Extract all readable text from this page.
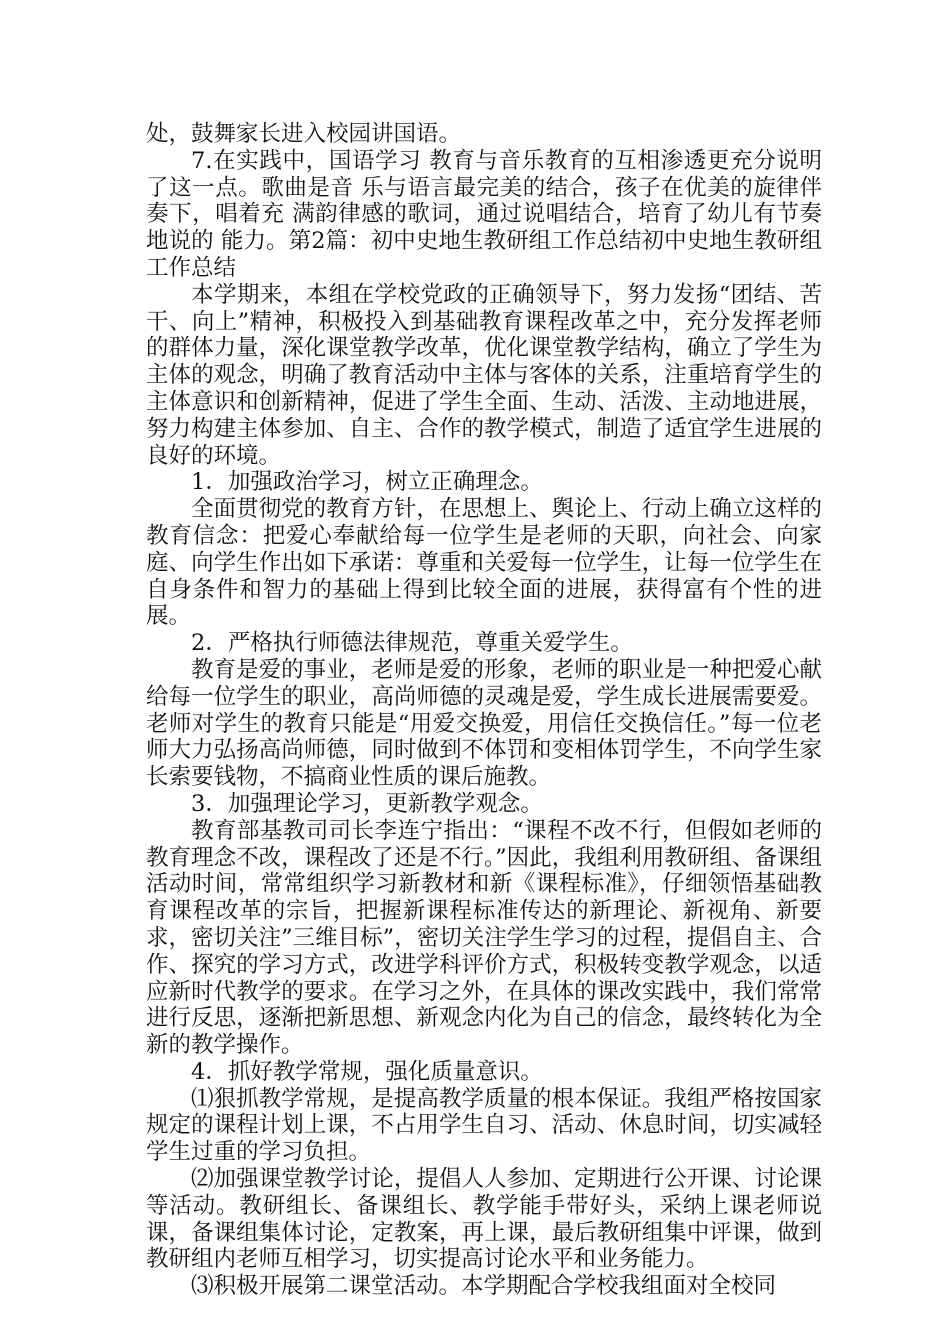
处，鼓舞家长进入校园讲国语。

7.在实践中，国语学习 教育与音乐教育的互相渗透更充分说明了这一点。歌曲是音 乐与语言最完美的结合，孩子在优美的旋律伴奏下，唱着充 满韵律感的歌词，通过说唱结合，培育了幼儿有节奏地说的 能力。第2篇：初中史地生教研组工作总结初中史地生教研组工作总结

本学期来，本组在学校党政的正确领导下，努力发扬“团结、苦干、向上”精神，积极投入到基础教育课程改革之中，充分发挥老师的群体力量，深化课堂教学改革，优化课堂教学结构，确立了学生为主体的观念，明确了教育活动中主体与客体的关系，注重培育学生的主体意识和创新精神，促进了学生全面、生动、活泼、主动地进展，努力构建主体参加、自主、合作的教学模式，制造了适宜学生进展的良好的环境。

1．加强政治学习，树立正确理念。

全面贯彻党的教育方针，在思想上、舆论上、行动上确立这样的教育信念：把爱心奉献给每一位学生是老师的天职，向社会、向家庭、向学生作出如下承诺：尊重和关爱每一位学生，让每一位学生在自身条件和智力的基础上得到比较全面的进展，获得富有个性的进展。

2．严格执行师德法律规范，尊重关爱学生。

教育是爱的事业，老师是爱的形象，老师的职业是一种把爱心献给每一位学生的职业，高尚师德的灵魂是爱，学生成长进展需要爱。老师对学生的教育只能是“用爱交换爱，用信任交换信任。”每一位老师大力弘扬高尚师德，同时做到不体罚和变相体罚学生，不向学生家长索要钱物，不搞商业性质的课后施教。

3．加强理论学习，更新教学观念。

教育部基教司司长李连宁指出：“课程不改不行，但假如老师的教育理念不改，课程改了还是不行。”因此，我组利用教研组、备课组活动时间，常常组织学习新教材和新《课程标准》，仔细领悟基础教育课程改革的宗旨，把握新课程标准传达的新理论、新视角、新要求，密切关注”三维目标”，密切关注学生学习的过程，提倡自主、合作、探究的学习方式，改进学科评价方式，积极转变教学观念，以适应新时代教学的要求。在学习之外，在具体的课改实践中，我们常常进行反思，逐渐把新思想、新观念内化为自己的信念，最终转化为全新的教学操作。

4．抓好教学常规，强化质量意识。

⑴狠抓教学常规，是提高教学质量的根本保证。我组严格按国家规定的课程计划上课，不占用学生自习、活动、休息时间，切实减轻学生过重的学习负担。

⑵加强课堂教学讨论，提倡人人参加、定期进行公开课、讨论课等活动。教研组长、备课组长、教学能手带好头，采纳上课老师说课，备课组集体讨论，定教案，再上课，最后教研组集中评课，做到教研组内老师互相学习，切实提高讨论水平和业务能力。

⑶积极开展第二课堂活动。本学期配合学校我组面对全校同
